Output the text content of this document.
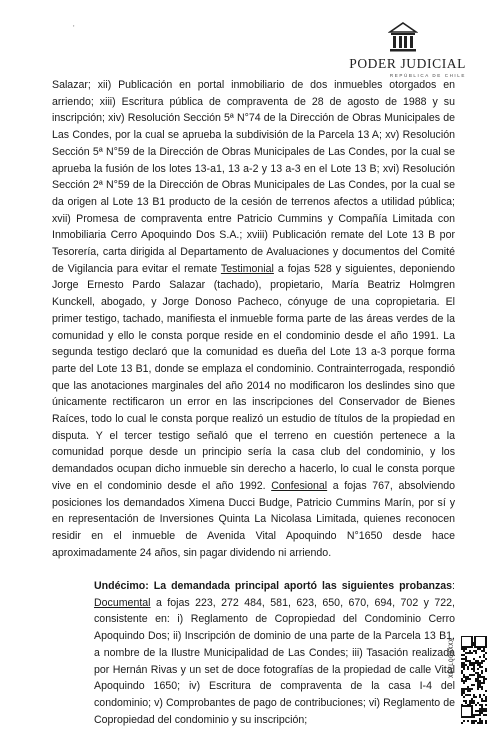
PODER JUDICIAL
REPÚBLICA DE CHILE
'

Salazar; xii) Publicación en portal inmobiliario de dos inmuebles otorgados en arriendo; xiii) Escritura pública de compraventa de 28 de agosto de 1988 y su inscripción; xiv) Resolución Sección 5ª N°74 de la Dirección de Obras Municipales de Las Condes, por la cual se aprueba la subdivisión de la Parcela 13 A; xv) Resolución Sección 5ª N°59 de la Dirección de Obras Municipales de Las Condes, por la cual se aprueba la fusión de los lotes 13-a1, 13 a-2 y 13 a-3 en el Lote 13 B; xvi) Resolución Sección 2ª N°59 de la Dirección de Obras Municipales de Las Condes, por la cual se da origen al Lote 13 B1 producto de la cesión de terrenos afectos a utilidad pública; xvii) Promesa de compraventa entre Patricio Cummins y Compañía Limitada con Inmobiliaria Cerro Apoquindo Dos S.A.; xviii) Publicación remate del Lote 13 B por Tesorería, carta dirigida al Departamento de Avaluaciones y documentos del Comité de Vigilancia para evitar el remate Testimonial a fojas 528 y siguientes, deponiendo Jorge Ernesto Pardo Salazar (tachado), propietario, María Beatriz Holmgren Kunckell, abogado, y Jorge Donoso Pacheco, cónyuge de una copropietaria. El primer testigo, tachado, manifiesta el inmueble forma parte de las áreas verdes de la comunidad y ello le consta porque reside en el condominio desde el año 1991. La segunda testigo declaró que la comunidad es dueña del Lote 13 a-3 porque forma parte del Lote 13 B1, donde se emplaza el condominio. Contrainterrogada, respondió que las anotaciones marginales del año 2014 no modificaron los deslindes sino que únicamente rectificaron un error en las inscripciones del Conservador de Bienes Raíces, todo lo cual le consta porque realizó un estudio de títulos de la propiedad en disputa. Y el tercer testigo señaló que el terreno en cuestión pertenece a la comunidad porque desde un principio sería la casa club del condominio, y los demandados ocupan dicho inmueble sin derecho a hacerlo, lo cual le consta porque vive en el condominio desde el año 1992. Confesional a fojas 767, absolviendo posiciones los demandados Ximena Ducci Budge, Patricio Cummins Marín, por sí y en representación de Inversiones Quinta La Nicolasa Limitada, quienes reconocen residir en el inmueble de Avenida Vital Apoquindo N°1650 desde hace aproximadamente 24 años, sin pagar dividendo ni arriendo.

Undécimo: La demandada principal aportó las siguientes probanzas: Documental a fojas 223, 272 484, 581, 623, 650, 670, 694, 702 y 722, consistente en: i) Reglamento de Copropiedad del Condominio Cerro Apoquindo Dos; ii) Inscripción de dominio de una parte de la Parcela 13 B1, a nombre de la Ilustre Municipalidad de Las Condes; iii) Tasación realizada por Hernán Rivas y un set de doce fotografías de la propiedad de calle Vital Apoquindo 1650; iv) Escritura de compraventa de la casa I-4 del condominio; v) Comprobantes de pago de contribuciones; vi) Reglamento de Copropiedad del condominio y su inscripción;

XEYLQGXXXX
